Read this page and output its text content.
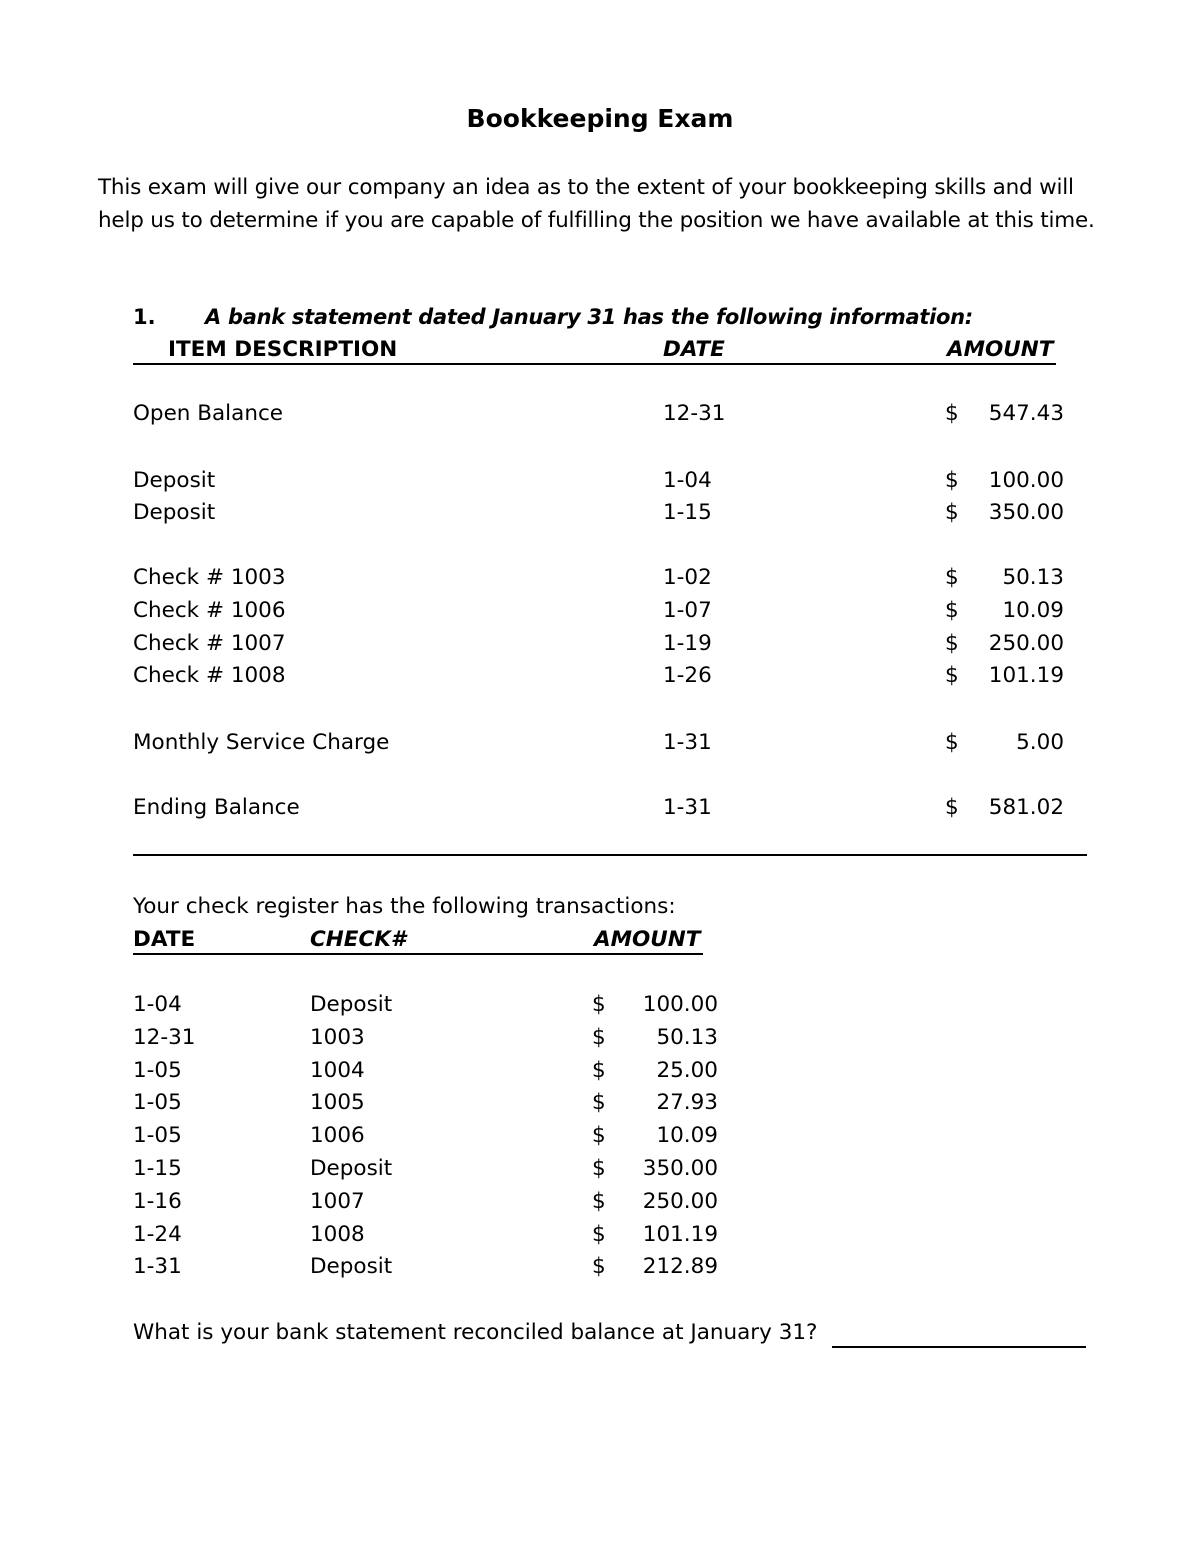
Bookkeeping Exam
This exam will give our company an idea as to the extent of your bookkeeping skills and will help us to determine if you are capable of fulfilling the position we have available at this time.
1. A bank statement dated January 31 has the following information:
ITEM DESCRIPTION	DATE	AMOUNT
Open Balance	12-31	$	547.43
Deposit	1-04	$	100.00
Deposit	1-15	$	350.00
Check # 1003	1-02	$	50.13
Check # 1006	1-07	$	10.09
Check # 1007	1-19	$	250.00
Check # 1008	1-26	$	101.19
Monthly Service Charge	1-31	$	5.00
Ending Balance	1-31	$	581.02
Your check register has the following transactions:
DATE	CHECK#	AMOUNT
1-04	Deposit	$	100.00
12-31	1003	$	50.13
1-05	1004	$	25.00
1-05	1005	$	27.93
1-05	1006	$	10.09
1-15	Deposit	$	350.00
1-16	1007	$	250.00
1-24	1008	$	101.19
1-31	Deposit	$	212.89
What is your bank statement reconciled balance at January 31?
